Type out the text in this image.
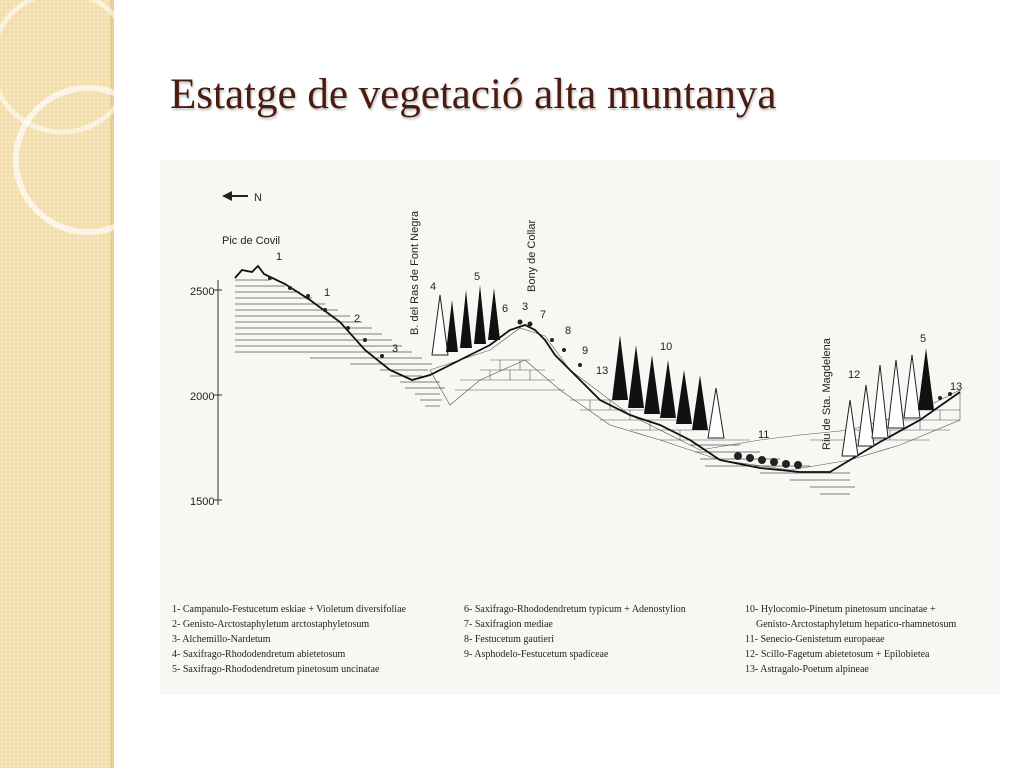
Estatge de vegetació alta muntanya
N
2500
2000
1500
B. del Ras de Font Negra	Bony de Collar
Riu de Sta. Magdelena
Pic de Covil
1
1
2
3
4
5
6 3
7
8
9
13
10
11
12
5
13
1- Campanulo-Festucetum eskiae + Violetum diversifoliae
2- Genisto-Arctostaphyletum arctostaphyletosum
3- Alchemillo-Nardetum
4- Saxifrago-Rhododendretum abietetosum
5- Saxifrago-Rhododendretum pinetosum uncinatae
6- Saxifrago-Rhododendretum typicum + Adenostylion
7- Saxifragion mediae
8- Festucetum gautieri
9- Asphodelo-Festucetum spadiceae
10- Hylocomio-Pinetum pinetosum uncinatae +
Genisto-Arctostaphyletum hepatico-rhamnetosum
11- Senecio-Genistetum europaeae
12- Scillo-Fagetum abietetosum + Epilobietea
13- Astragalo-Poetum alpineae
